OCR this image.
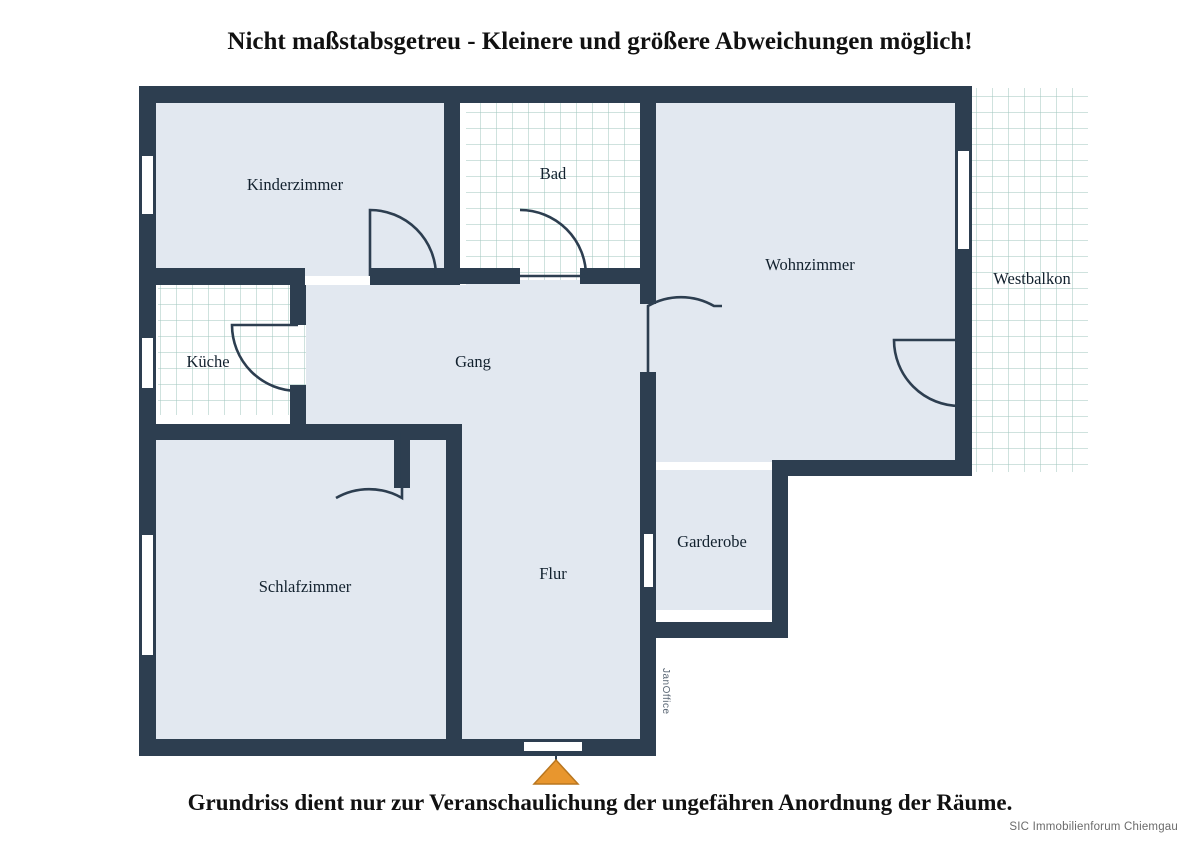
Nicht maßstabsgetreu - Kleinere und größere Abweichungen möglich!
Kinderzimmer
Bad
Wohnzimmer
Westbalkon
Küche	Gang
Schlafzimmer
Flur
Garderobe
JanOffice
Grundriss dient nur zur Veranschaulichung der ungefähren Anordnung der Räume.
SIC Immobilienforum Chiemgau
